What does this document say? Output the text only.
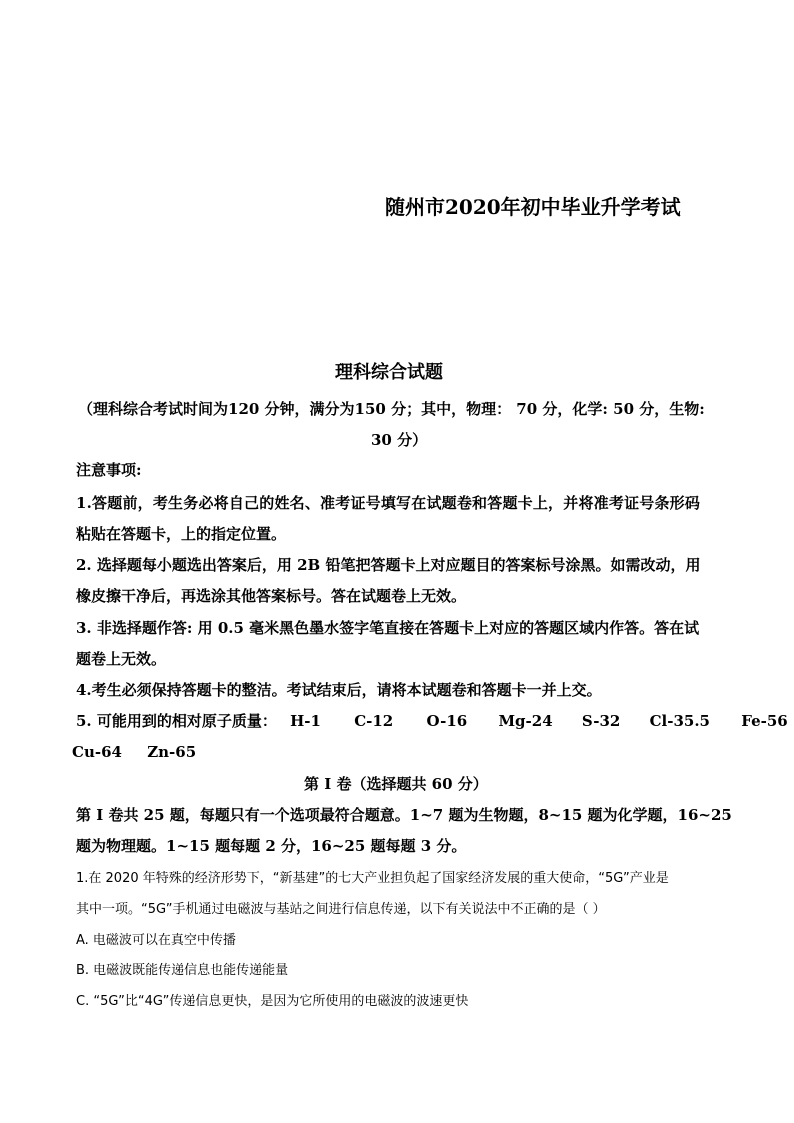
随州市2020年初中毕业升学考试
理科综合试题
（理科综合考试时间为120 分钟，满分为150 分；其中，物理： 70 分，化学: 50 分，生物:
30 分）
注意事项:
1.答题前，考生务必将自己的姓名、准考证号填写在试题卷和答题卡上，并将准考证号条形码
粘贴在答题卡，上的指定位置。
2. 选择题每小题选出答案后，用 2B 铅笔把答题卡上对应题目的答案标号涂黑。如需改动，用
橡皮擦干净后，再选涂其他答案标号。答在试题卷上无效。
3. 非选择题作答: 用 0.5 毫米黑色墨水签字笔直接在答题卡上对应的答题区域内作答。答在试
题卷上无效。
4.考生必须保持答题卡的整洁。考试结束后，请将本试题卷和答题卡一并上交。
5. 可能用到的相对原子质量： H-1 C-12 O-16 Mg-24 S-32 Cl-35.5 Fe-56
Cu-64 Zn-65
第 I 卷（选择题共 60 分）
第 I 卷共 25 题，每题只有一个选项最符合题意。1~7 题为生物题，8~15 题为化学题，16~25
题为物理题。1~15 题每题 2 分，16~25 题每题 3 分。
1.在 2020 年特殊的经济形势下，“新基建”的七大产业担负起了国家经济发展的重大使命，“5G”产业是
其中一项。“5G”手机通过电磁波与基站之间进行信息传递，以下有关说法中不正确的是（ ）
A. 电磁波可以在真空中传播
B. 电磁波既能传递信息也能传递能量
C. “5G”比“4G”传递信息更快，是因为它所使用的电磁波的波速更快
